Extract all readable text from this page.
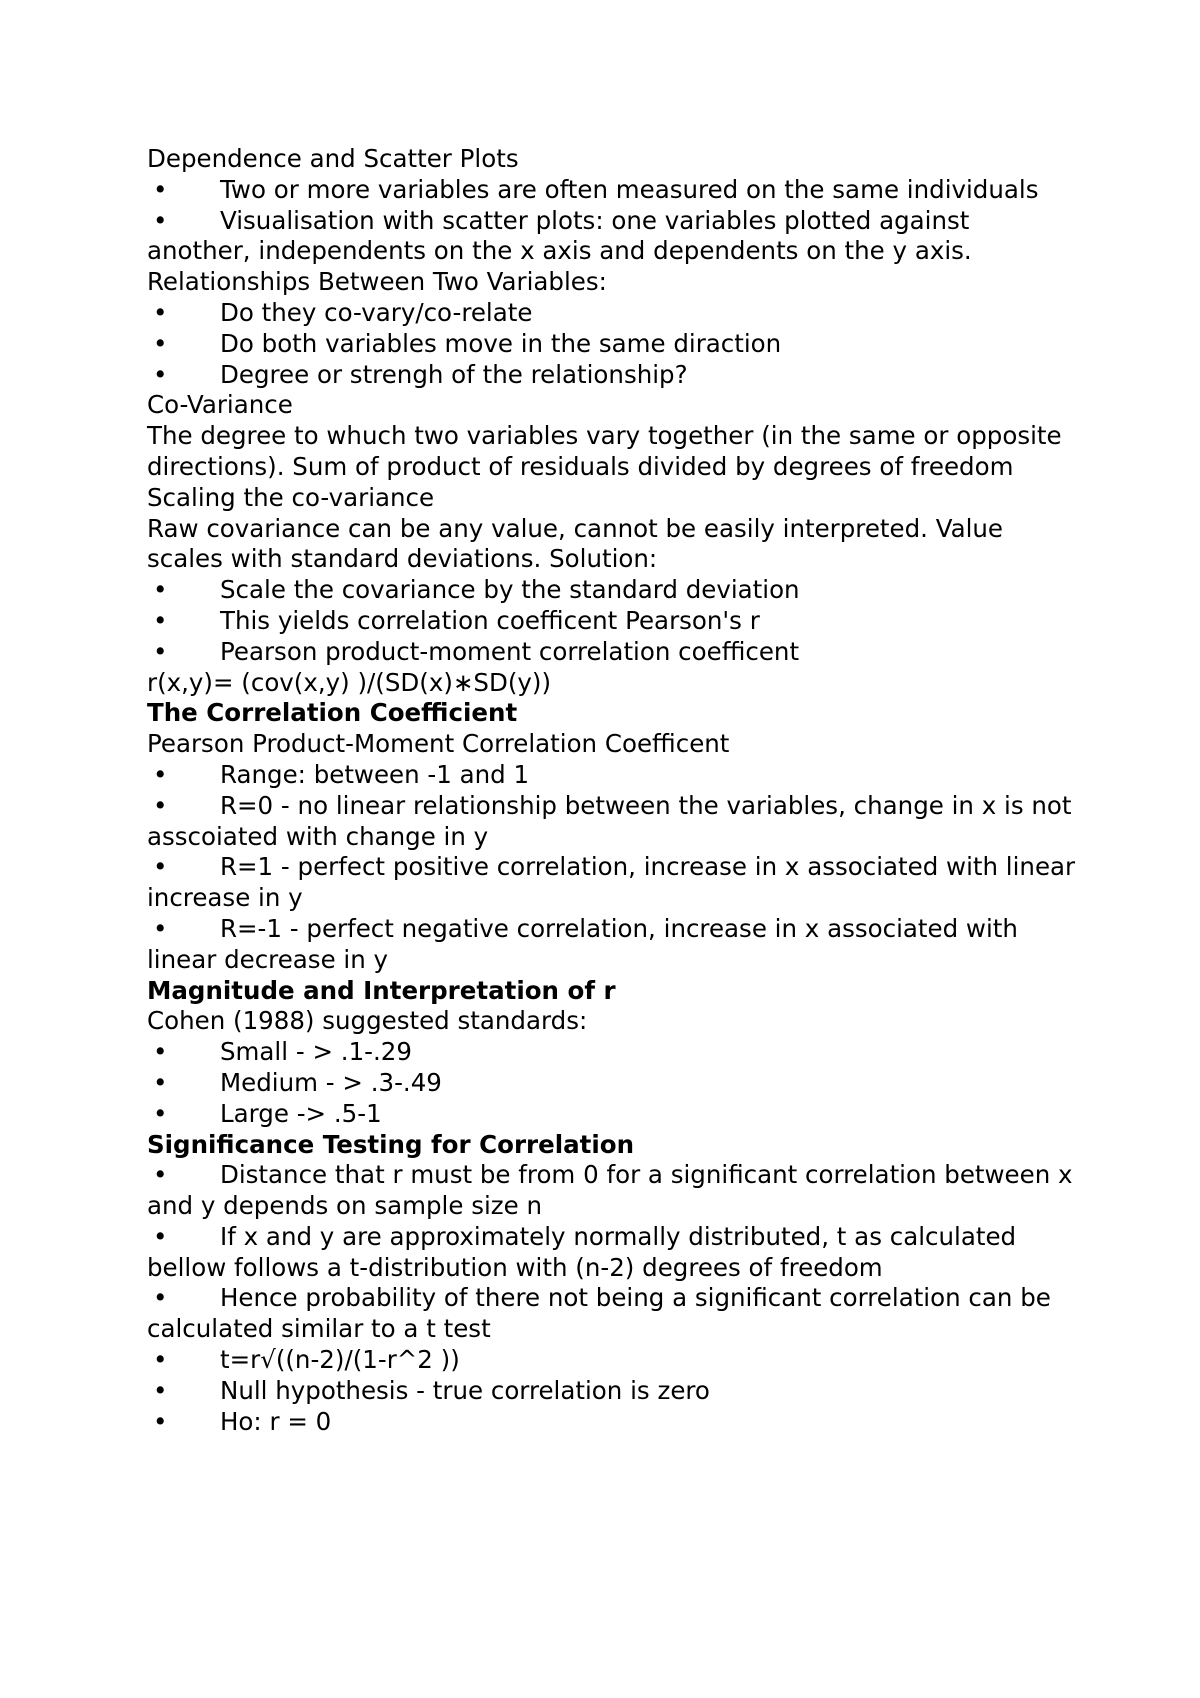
Dependence and Scatter Plots
• Two or more variables are often measured on the same individuals
• Visualisation with scatter plots: one variables plotted against another, independents on the x axis and dependents on the y axis.
Relationships Between Two Variables:
• Do they co-vary/co-relate
• Do both variables move in the same diraction
• Degree or strengh of the relationship?
Co-Variance
The degree to whuch two variables vary together (in the same or opposite directions). Sum of product of residuals divided by degrees of freedom
Scaling the co-variance
Raw covariance can be any value, cannot be easily interpreted. Value scales with standard deviations. Solution:
• Scale the covariance by the standard deviation
• This yields correlation coefficent Pearson's r
• Pearson product-moment correlation coefficent
r(x,y)= (cov(x,y) )/(SD(x)∗SD(y))
The Correlation Coefficient
Pearson Product-Moment Correlation Coefficent
• Range: between -1 and 1
• R=0 - no linear relationship between the variables, change in x is not asscoiated with change in y
• R=1 - perfect positive correlation, increase in x associated with linear increase in y
• R=-1 - perfect negative correlation, increase in x associated with linear decrease in y
Magnitude and Interpretation of r
Cohen (1988) suggested standards:
• Small - > .1-.29
• Medium - > .3-.49
• Large -> .5-1
Significance Testing for Correlation
• Distance that r must be from 0 for a significant correlation between x and y depends on sample size n
• If x and y are approximately normally distributed, t as calculated bellow follows a t-distribution with (n-2) degrees of freedom
• Hence probability of there not being a significant correlation can be calculated similar to a t test
• t=r√((n-2)/(1-r^2 ))
• Null hypothesis - true correlation is zero
• Ho: r = 0
